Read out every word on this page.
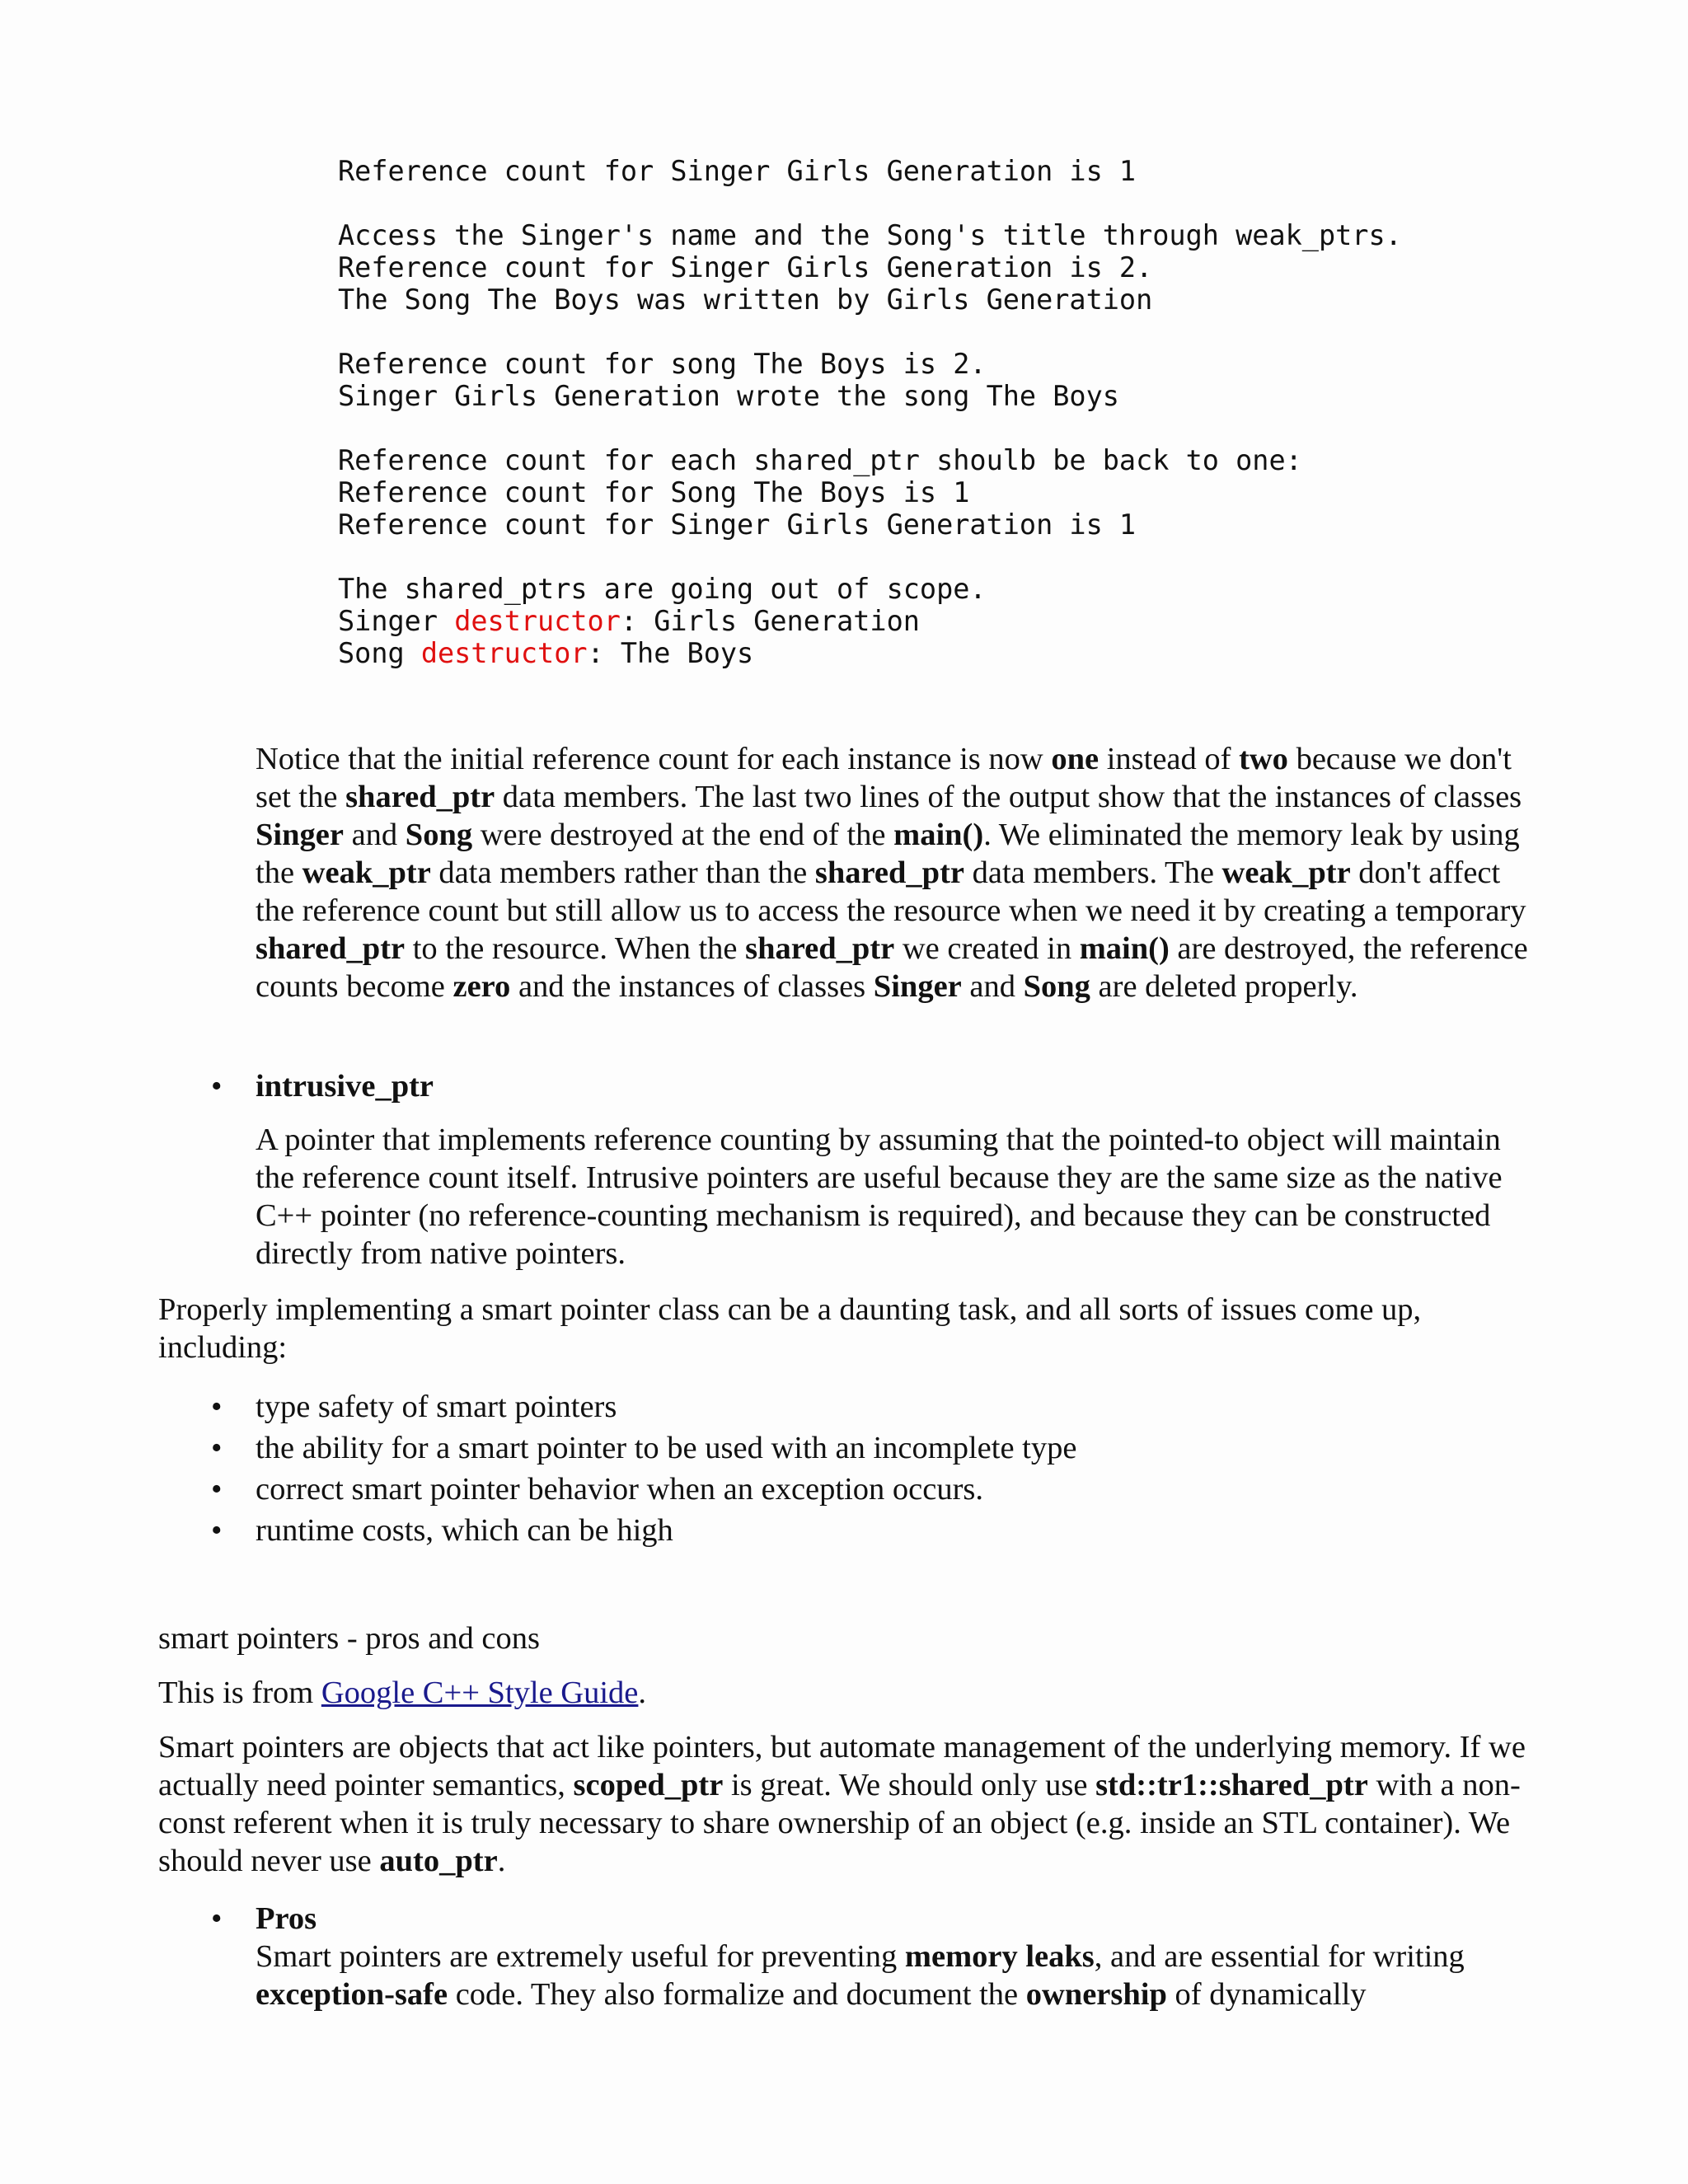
Reference count for Singer Girls Generation is 1
Access the Singer's name and the Song's title through weak_ptrs.
Reference count for Singer Girls Generation is 2.
The Song The Boys was written by Girls Generation
Reference count for song The Boys is 2.
Singer Girls Generation wrote the song The Boys
Reference count for each shared_ptr shoulb be back to one:
Reference count for Song The Boys is 1
Reference count for Singer Girls Generation is 1
The shared_ptrs are going out of scope.
Singer destructor: Girls Generation
Song destructor: The Boys

Notice that the initial reference count for each instance is now one instead of two because we don't set the shared_ptr data members. The last two lines of the output show that the instances of classes Singer and Song were destroyed at the end of the main(). We eliminated the memory leak by using the weak_ptr data members rather than the shared_ptr data members. The weak_ptr don't affect the reference count but still allow us to access the resource when we need it by creating a temporary shared_ptr to the resource. When the shared_ptr we created in main() are destroyed, the reference counts become zero and the instances of classes Singer and Song are deleted properly.

• intrusive_ptr

A pointer that implements reference counting by assuming that the pointed-to object will maintain the reference count itself. Intrusive pointers are useful because they are the same size as the native C++ pointer (no reference-counting mechanism is required), and because they can be constructed directly from native pointers.

Properly implementing a smart pointer class can be a daunting task, and all sorts of issues come up, including:

• type safety of smart pointers
• the ability for a smart pointer to be used with an incomplete type
• correct smart pointer behavior when an exception occurs.
• runtime costs, which can be high

smart pointers - pros and cons

This is from Google C++ Style Guide.

Smart pointers are objects that act like pointers, but automate management of the underlying memory. If we actually need pointer semantics, scoped_ptr is great. We should only use std::tr1::shared_ptr with a non-const referent when it is truly necessary to share ownership of an object (e.g. inside an STL container). We should never use auto_ptr.

• Pros
Smart pointers are extremely useful for preventing memory leaks, and are essential for writing exception-safe code. They also formalize and document the ownership of dynamically
